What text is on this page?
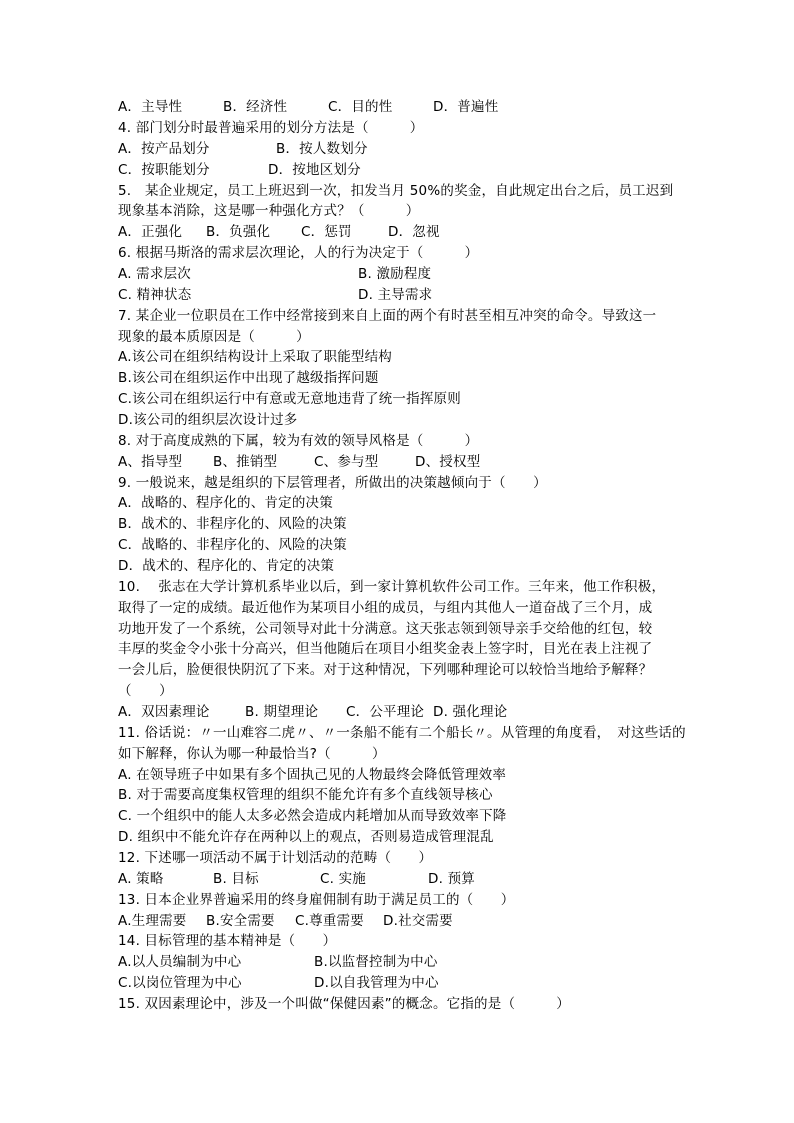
A．主导性	B．经济性	C．目的性	D．普遍性
4. 部门划分时最普遍采用的划分方法是（　　　）
A．按产品划分	B．按人数划分
C．按职能划分	D．按地区划分
5.　某企业规定，员工上班迟到一次，扣发当月 50%的奖金，自此规定出台之后，员工迟到
现象基本消除，这是哪一种强化方式？（　　　）
A．正强化 B．负强化 C．惩罚	D．忽视
6. 根据马斯洛的需求层次理论，人的行为决定于（　　　）
A. 需求层次	B. 激励程度
C. 精神状态	D. 主导需求
7. 某企业一位职员在工作中经常接到来自上面的两个有时甚至相互冲突的命令。导致这一
现象的最本质原因是（　　　）
A.该公司在组织结构设计上采取了职能型结构
B.该公司在组织运作中出现了越级指挥问题
C.该公司在组织运行中有意或无意地违背了统一指挥原则
D.该公司的组织层次设计过多
8. 对于高度成熟的下属，较为有效的领导风格是（　　　）
A、指导型 B、推销型	C、参与型	D、授权型
9. 一般说来，越是组织的下层管理者，所做出的决策越倾向于（　　）
A．战略的、程序化的、肯定的决策
B．战术的、非程序化的、风险的决策
C．战略的、非程序化的、风险的决策
D．战术的、程序化的、肯定的决策
10.　 张志在大学计算机系毕业以后，到一家计算机软件公司工作。三年来，他工作积极，
取得了一定的成绩。最近他作为某项目小组的成员，与组内其他人一道奋战了三个月，成
功地开发了一个系统，公司领导对此十分满意。这天张志领到领导亲手交给他的红包，较
丰厚的奖金令小张十分高兴，但当他随后在项目小组奖金表上签字时，目光在表上注视了
一会儿后，脸便很快阴沉了下来。对于这种情况，下列哪种理论可以较恰当地给予解释？
（　　）
A．双因素理论	B. 期望理论 C．公平理论 D. 强化理论
11. 俗话说：〃一山难容二虎〃、〃一条船不能有二个船长〃。从管理的角度看，　对这些话的
如下解释，你认为哪一种最恰当?（　　　）
A. 在领导班子中如果有多个固执己见的人物最终会降低管理效率
B. 对于需要高度集权管理的组织不能允许有多个直线领导核心
C. 一个组织中的能人太多必然会造成内耗增加从而导致效率下降
D. 组织中不能允许存在两种以上的观点，否则易造成管理混乱
12. 下述哪一项活动不属于计划活动的范畴（　　）
A. 策略	B. 目标	C. 实施	D. 预算
13. 日本企业界普遍采用的终身雇佣制有助于满足员工的（　　）
A.生理需要 B.安全需要 C.尊重需要 D.社交需要
14. 目标管理的基本精神是（　　）
A.以人员编制为中心	B.以监督控制为中心
C.以岗位管理为中心	D.以自我管理为中心
15. 双因素理论中，涉及一个叫做“保健因素”的概念。它指的是（　　　）
